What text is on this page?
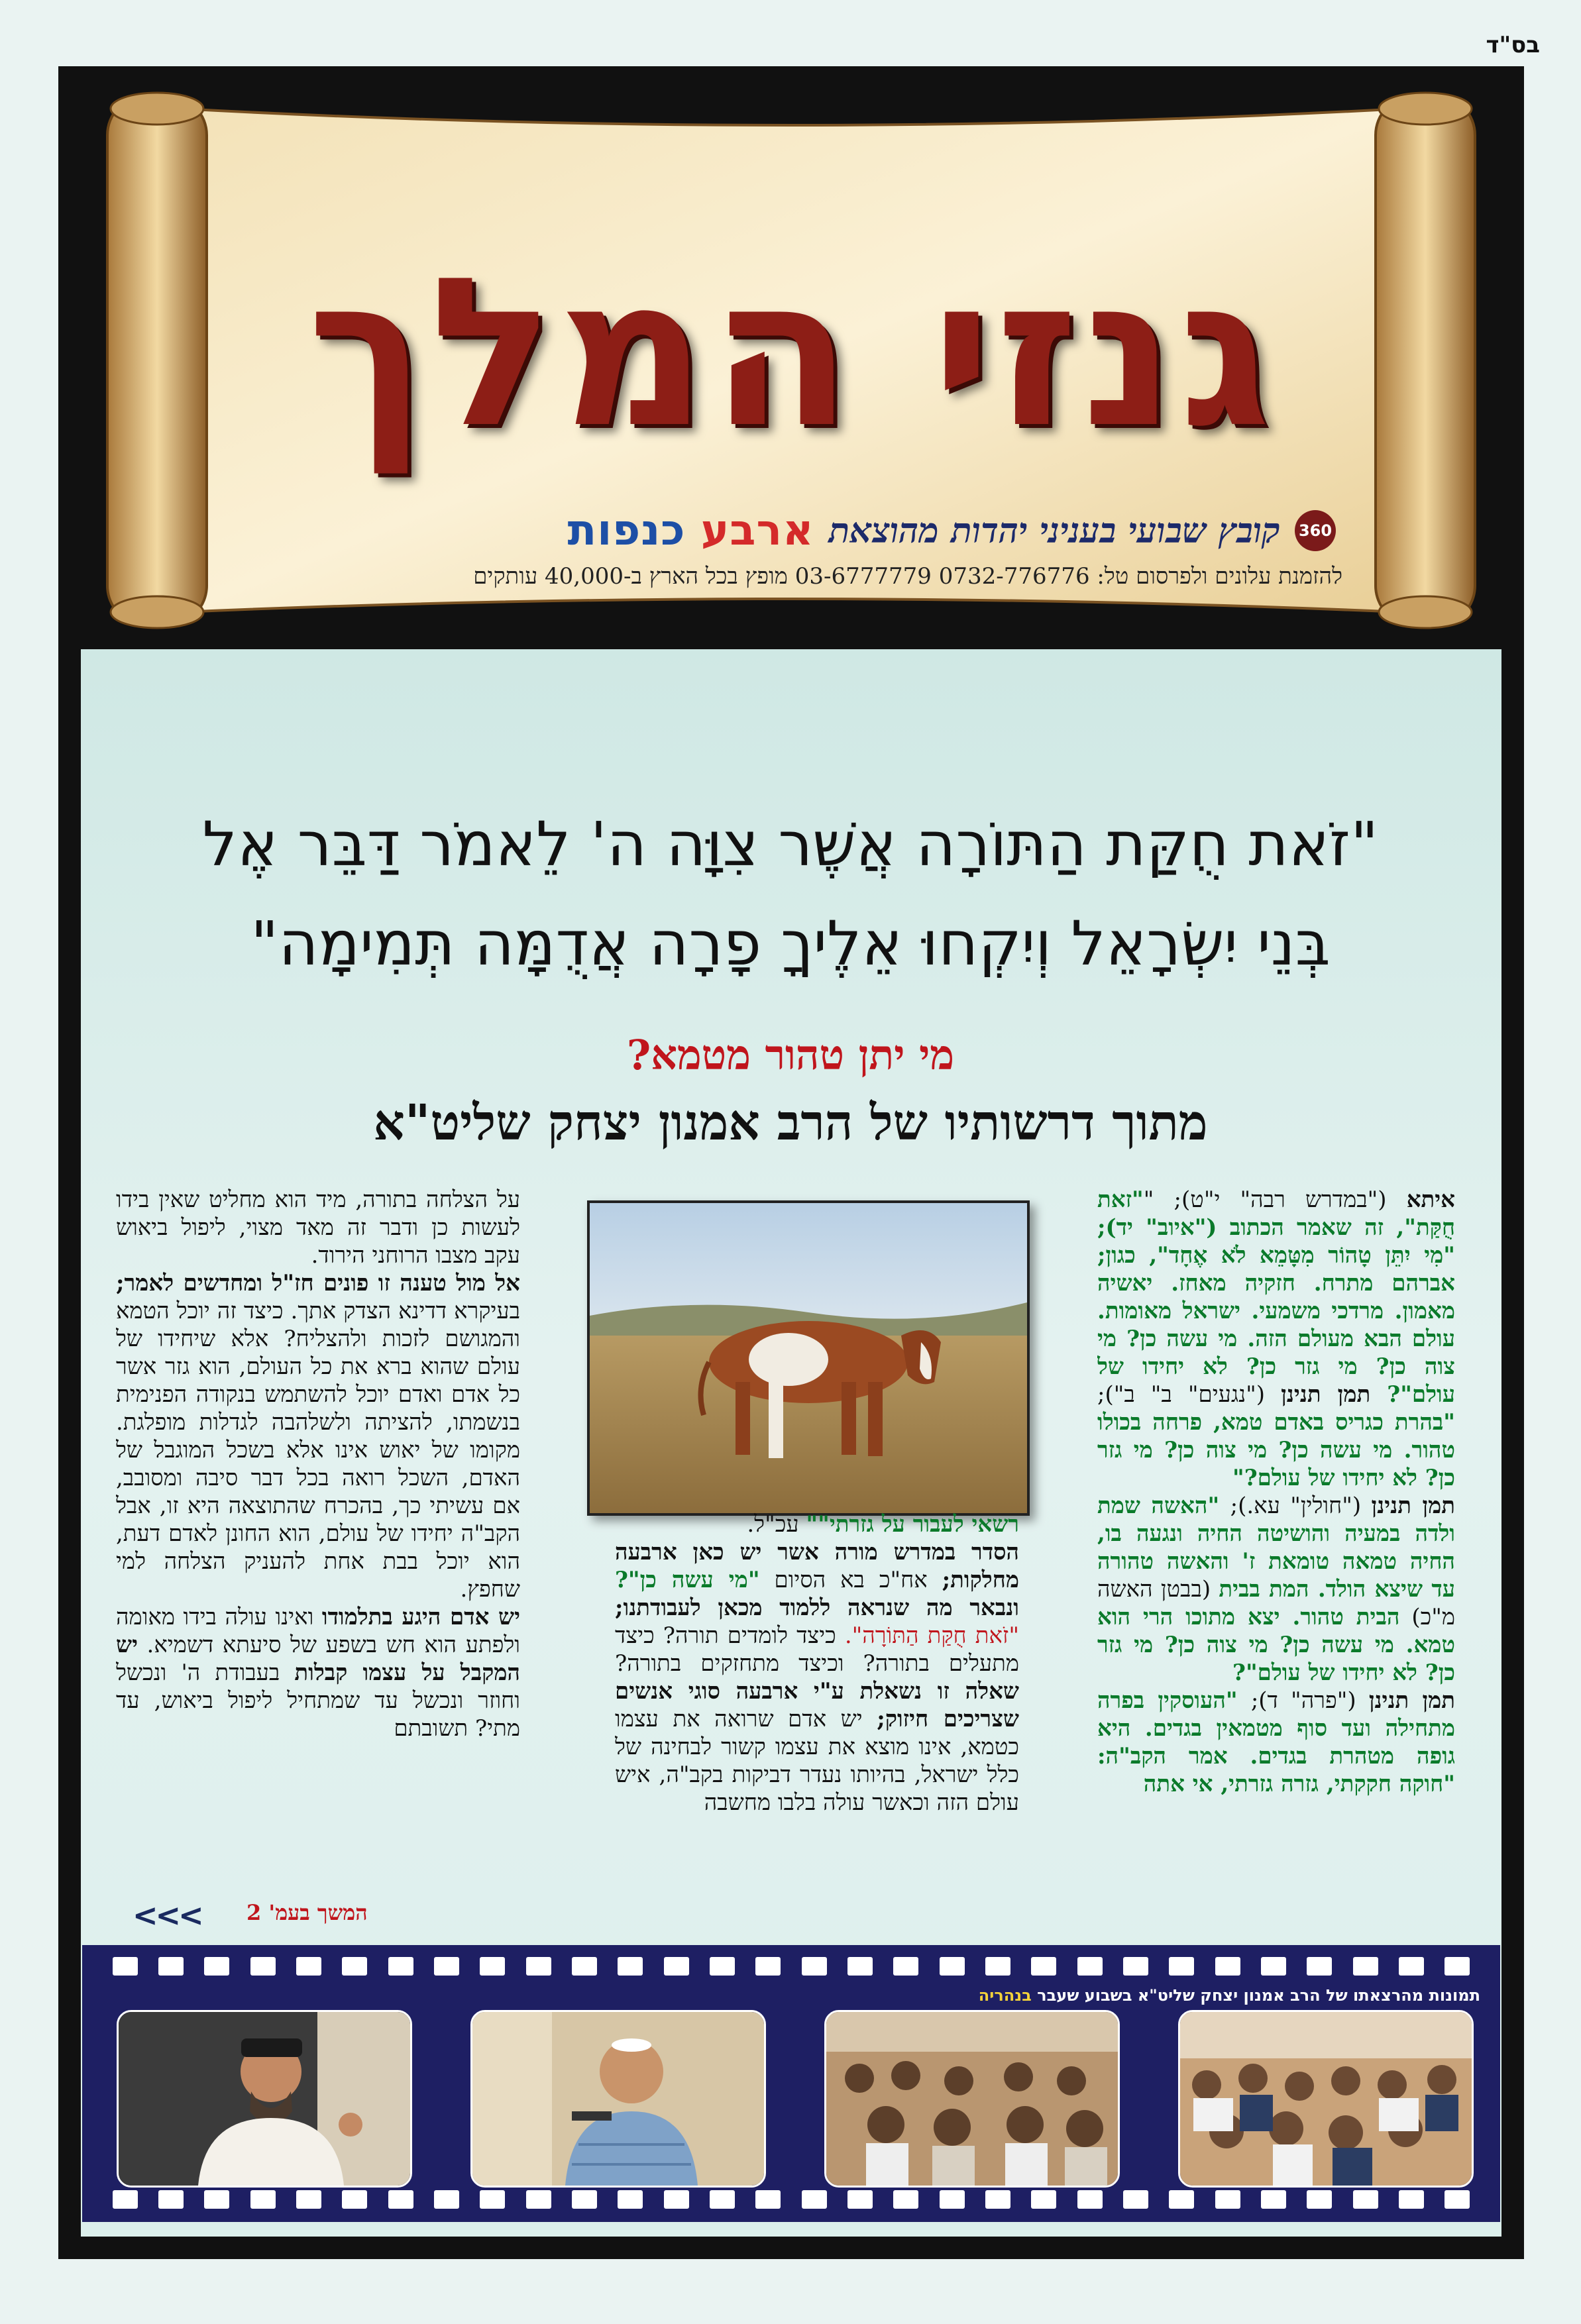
בס"ד
גנזי המלך
360
קובץ שבועי בעניני יהדות מהוצאת
ארבע כנפות
להזמנת עלונים ולפרסום טל: 0732-776776 03-6777779 מופץ בכל הארץ ב-40,000 עותקים
"זֹאת חֻקַּת הַתּוֹרָה אֲשֶׁר צִוָּה ה' לֵאמֹר דַּבֵּר אֶל
בְּנֵי יִשְׂרָאֵל וְיִקְחוּ אֵלֶיךָ פָרָה אֲדֻמָּה תְּמִימָה"
מי יתן טהור מטמא?
מתוך דרשותיו של הרב אמנון יצחק שליט"א
איתא ("במדרש רבה" י"ט); ""זאת חֻקַּת", זה שאמר הכתוב ("איוב" יד); "מִי יִתֵּן טָהוֹר מִטָּמֵא לֹא אֶחָד", כגון; אברהם מתרח. חזקיה מאחז. יאשיה מאמון. מרדכי משמעי. ישראל מאומות. עולם הבא מעולם הזה. מי עשה כן? מי צוה כן? מי גזר כן? לא יחידו של עולם"? תמן תנינן ("נגעים" ב" ב"); "בהרת כגריס באדם טמא, פרחה בכולו טהור. מי עשה כן? מי צוה כן? מי גזר כן? לא יחידו של עולם?"
תמן תנינן ("חולין" עא.); "האשה שמת ולדה במעיה והושיטה החיה ונגעה בו, החיה טמאה טומאת ז' והאשה טהורה עד שיצא הולד. המת בבית (בבטן האשה מ"כ) הבית טהור. יצא מתוכו הרי הוא טמא. מי עשה כן? מי צוה כן? מי גזר כן? לא יחידו של עולם"?
תמן תנינן ("פרה" ד); "העוסקין בפרה מתחילה ועד סוף מטמאין בגדים. היא גופה מטהרת בגדים. אמר הקב"ה: "חוקה חקקתי, גזרה גזרתי, אי אתה
רשאי לעבור על גזרתי"" עכ"ל.
הסדר במדרש מורה אשר יש כאן ארבעה מחלקות; אח"כ בא הסיום "מי עשה כן"? ונבאר מה שנראה ללמוד מכאן לעבודתנו; "זֹאת חֻקַּת הַתּוֹרָה". כיצד לומדים תורה? כיצד מתעלים בתורה? וכיצד מתחזקים בתורה? שאלה זו נשאלת ע"י ארבעה סוגי אנשים שצריכים חיזוק; יש אדם שרואה את עצמו כטמא, אינו מוצא את עצמו קשור לבחינה של כלל ישראל, בהיותו נעדר דביקות בקב"ה, איש עולם הזה וכאשר עולה בלבו מחשבה
על הצלחה בתורה, מיד הוא מחליט שאין בידו לעשות כן ודבר זה מאד מצוי, ליפול ביאוש עקב מצבו הרוחני הירוד.
אל מול טענה זו פונים חז"ל ומחדשים לאמר; בעיקרא דדינא הצדק אתך. כיצד זה יוכל הטמא והמגושם לזכות ולהצליח? אלא שיחידו של עולם שהוא ברא את כל העולם, הוא גזר אשר כל אדם ואדם יוכל להשתמש בנקודה הפנימית בנשמתו, להציתה ולשלהבה לגדלות מופלגת. מקומו של יאוש אינו אלא בשכל המוגבל של האדם, השכל רואה בכל דבר סיבה ומסובב, אם עשיתי כך, בהכרח שהתוצאה היא זו, אבל הקב"ה יחידו של עולם, הוא החונן לאדם דעת, הוא יוכל בבת אחת להעניק הצלחה למי שחפץ.
יש אדם היגע בתלמודו ואינו עולה בידו מאומה ולפתע הוא חש בשפע של סיעתא דשמיא. יש המקבל על עצמו קבלות בעבודת ה' ונכשל וחוזר ונכשל עד שמתחיל ליפול ביאוש, עד מתי? תשובתם
המשך בעמ' 2
<<<
תמונות מהרצאתו של הרב אמנון יצחק שליט"א בשבוע שעבר בנהריה
